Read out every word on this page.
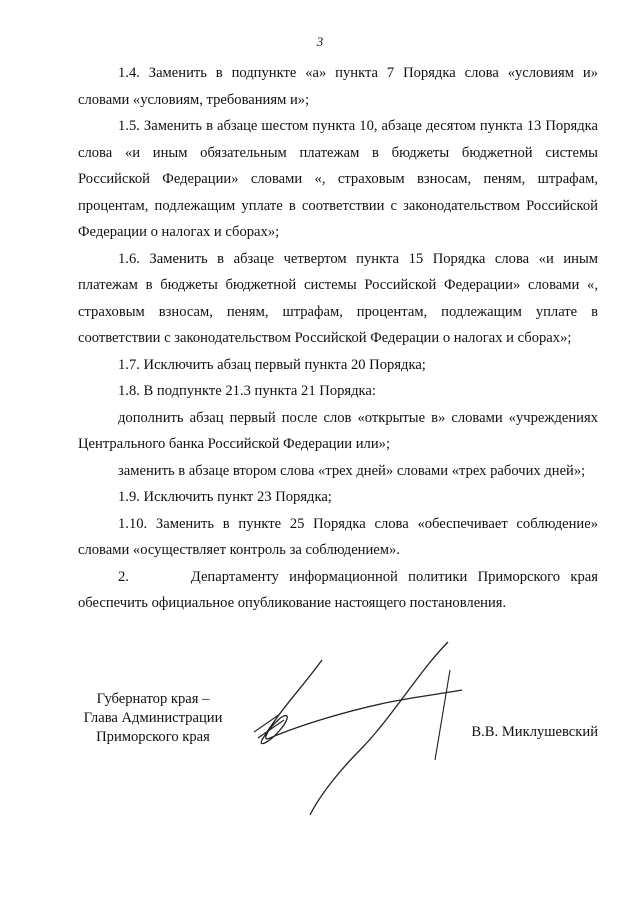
3

1.4. Заменить в подпункте «а» пункта 7 Порядка слова «условиям и» словами «условиям, требованиям и»;

1.5. Заменить в абзаце шестом пункта 10, абзаце десятом пункта 13 Порядка слова «и иным обязательным платежам в бюджеты бюджетной системы Российской Федерации» словами «, страховым взносам, пеням, штрафам, процентам, подлежащим уплате в соответствии с законодательством Российской Федерации о налогах и сборах»;

1.6. Заменить в абзаце четвертом пункта 15 Порядка слова «и иным платежам в бюджеты бюджетной системы Российской Федерации» словами «, страховым взносам, пеням, штрафам, процентам, подлежащим уплате в соответствии с законодательством Российской Федерации о налогах и сборах»;

1.7. Исключить абзац первый пункта 20 Порядка;

1.8. В подпункте 21.3 пункта 21 Порядка:

дополнить абзац первый после слов «открытые в» словами «учреждениях Центрального банка Российской Федерации или»;

заменить в абзаце втором слова «трех дней» словами «трех рабочих дней»;

1.9. Исключить пункт 23 Порядка;

1.10. Заменить в пункте 25 Порядка слова «обеспечивает соблюдение» словами «осуществляет контроль за соблюдением».

2.      Департаменту информационной политики Приморского края обеспечить официальное опубликование настоящего постановления.

Губернатор края –
Глава Администрации
Приморского края	В.В. Миклушевский
